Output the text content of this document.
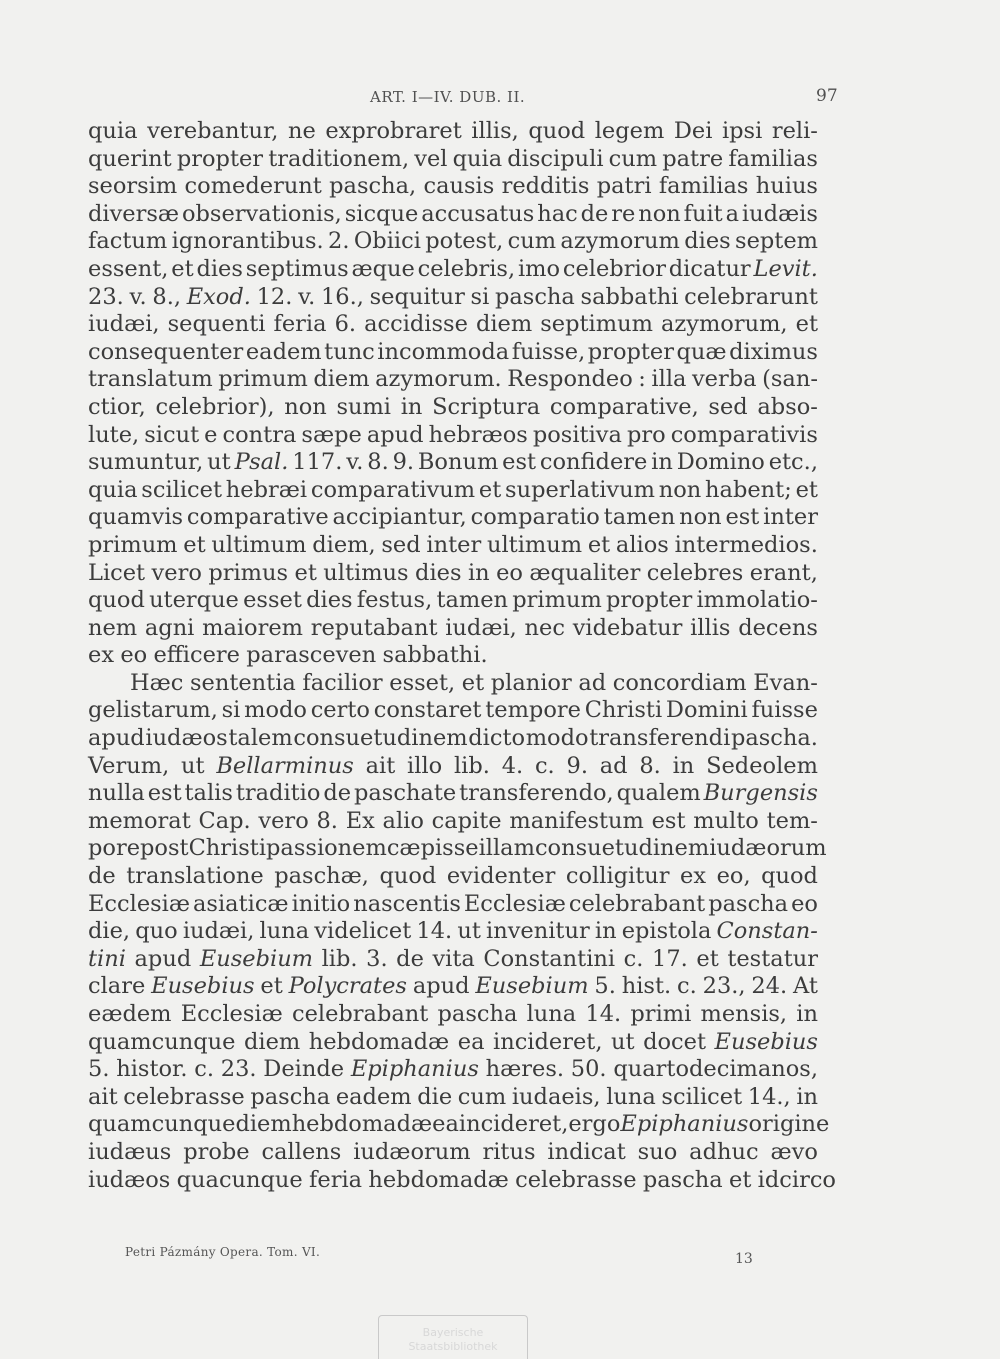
ART. I—IV. DUB. II.	97
quia verebantur, ne exprobraret illis, quod legem Dei ipsi reli-
querint propter traditionem, vel quia discipuli cum patre familias
seorsim comederunt pascha, causis redditis patri familias huius
diversæ observationis, sicque accusatus hac de re non fuit a iudæis
factum ignorantibus. 2. Obiici potest, cum azymorum dies septem
essent, et dies septimus æque celebris, imo celebrior dicatur Levit.
23. v. 8., Exod. 12. v. 16., sequitur si pascha sabbathi celebrarunt
iudæi, sequenti feria 6. accidisse diem septimum azymorum, et
consequenter eadem tunc incommoda fuisse, propter quæ diximus
translatum primum diem azymorum. Respondeo : illa verba (san-
ctior, celebrior), non sumi in Scriptura comparative, sed abso-
lute, sicut e contra sæpe apud hebræos positiva pro comparativis
sumuntur, ut Psal. 117. v. 8. 9. Bonum est confidere in Domino etc.,
quia scilicet hebræi comparativum et superlativum non habent; et
quamvis comparative accipiantur, comparatio tamen non est inter
primum et ultimum diem, sed inter ultimum et alios intermedios.
Licet vero primus et ultimus dies in eo æqualiter celebres erant,
quod uterque esset dies festus, tamen primum propter immolatio-
nem agni maiorem reputabant iudæi, nec videbatur illis decens
ex eo efficere parasceven sabbathi.
Hæc sententia facilior esset, et planior ad concordiam Evan-
gelistarum, si modo certo constaret tempore Christi Domini fuisse
apud iudæos talem consuetudinem dicto modo transferendi pascha.
Verum, ut Bellarminus ait illo lib. 4. c. 9. ad 8. in Sedeolem
nulla est talis traditio de paschate transferendo, qualem Burgensis
memorat Cap. vero 8. Ex alio capite manifestum est multo tem-
pore post Christi passionem cæpisse illam consuetudinem iudæorum
de translatione paschæ, quod evidenter colligitur ex eo, quod
Ecclesiæ asiaticæ initio nascentis Ecclesiæ celebrabant pascha eo
die, quo iudæi, luna videlicet 14. ut invenitur in epistola Constan-
tini apud Eusebium lib. 3. de vita Constantini c. 17. et testatur
clare Eusebius et Polycrates apud Eusebium 5. hist. c. 23., 24. At
eædem Ecclesiæ celebrabant pascha luna 14. primi mensis, in
quamcunque diem hebdomadæ ea incideret, ut docet Eusebius
5. histor. c. 23. Deinde Epiphanius hæres. 50. quartodecimanos,
ait celebrasse pascha eadem die cum iudaeis, luna scilicet 14., in
quamcunque diem hebdomadæ ea incideret, ergo Epiphanius origine
iudæus probe callens iudæorum ritus indicat suo adhuc ævo
iudæos quacunque feria hebdomadæ celebrasse pascha et idcirco
Petri Pázmány Opera. Tom. VI.	13
Bayerische
Staatsbibliothek
